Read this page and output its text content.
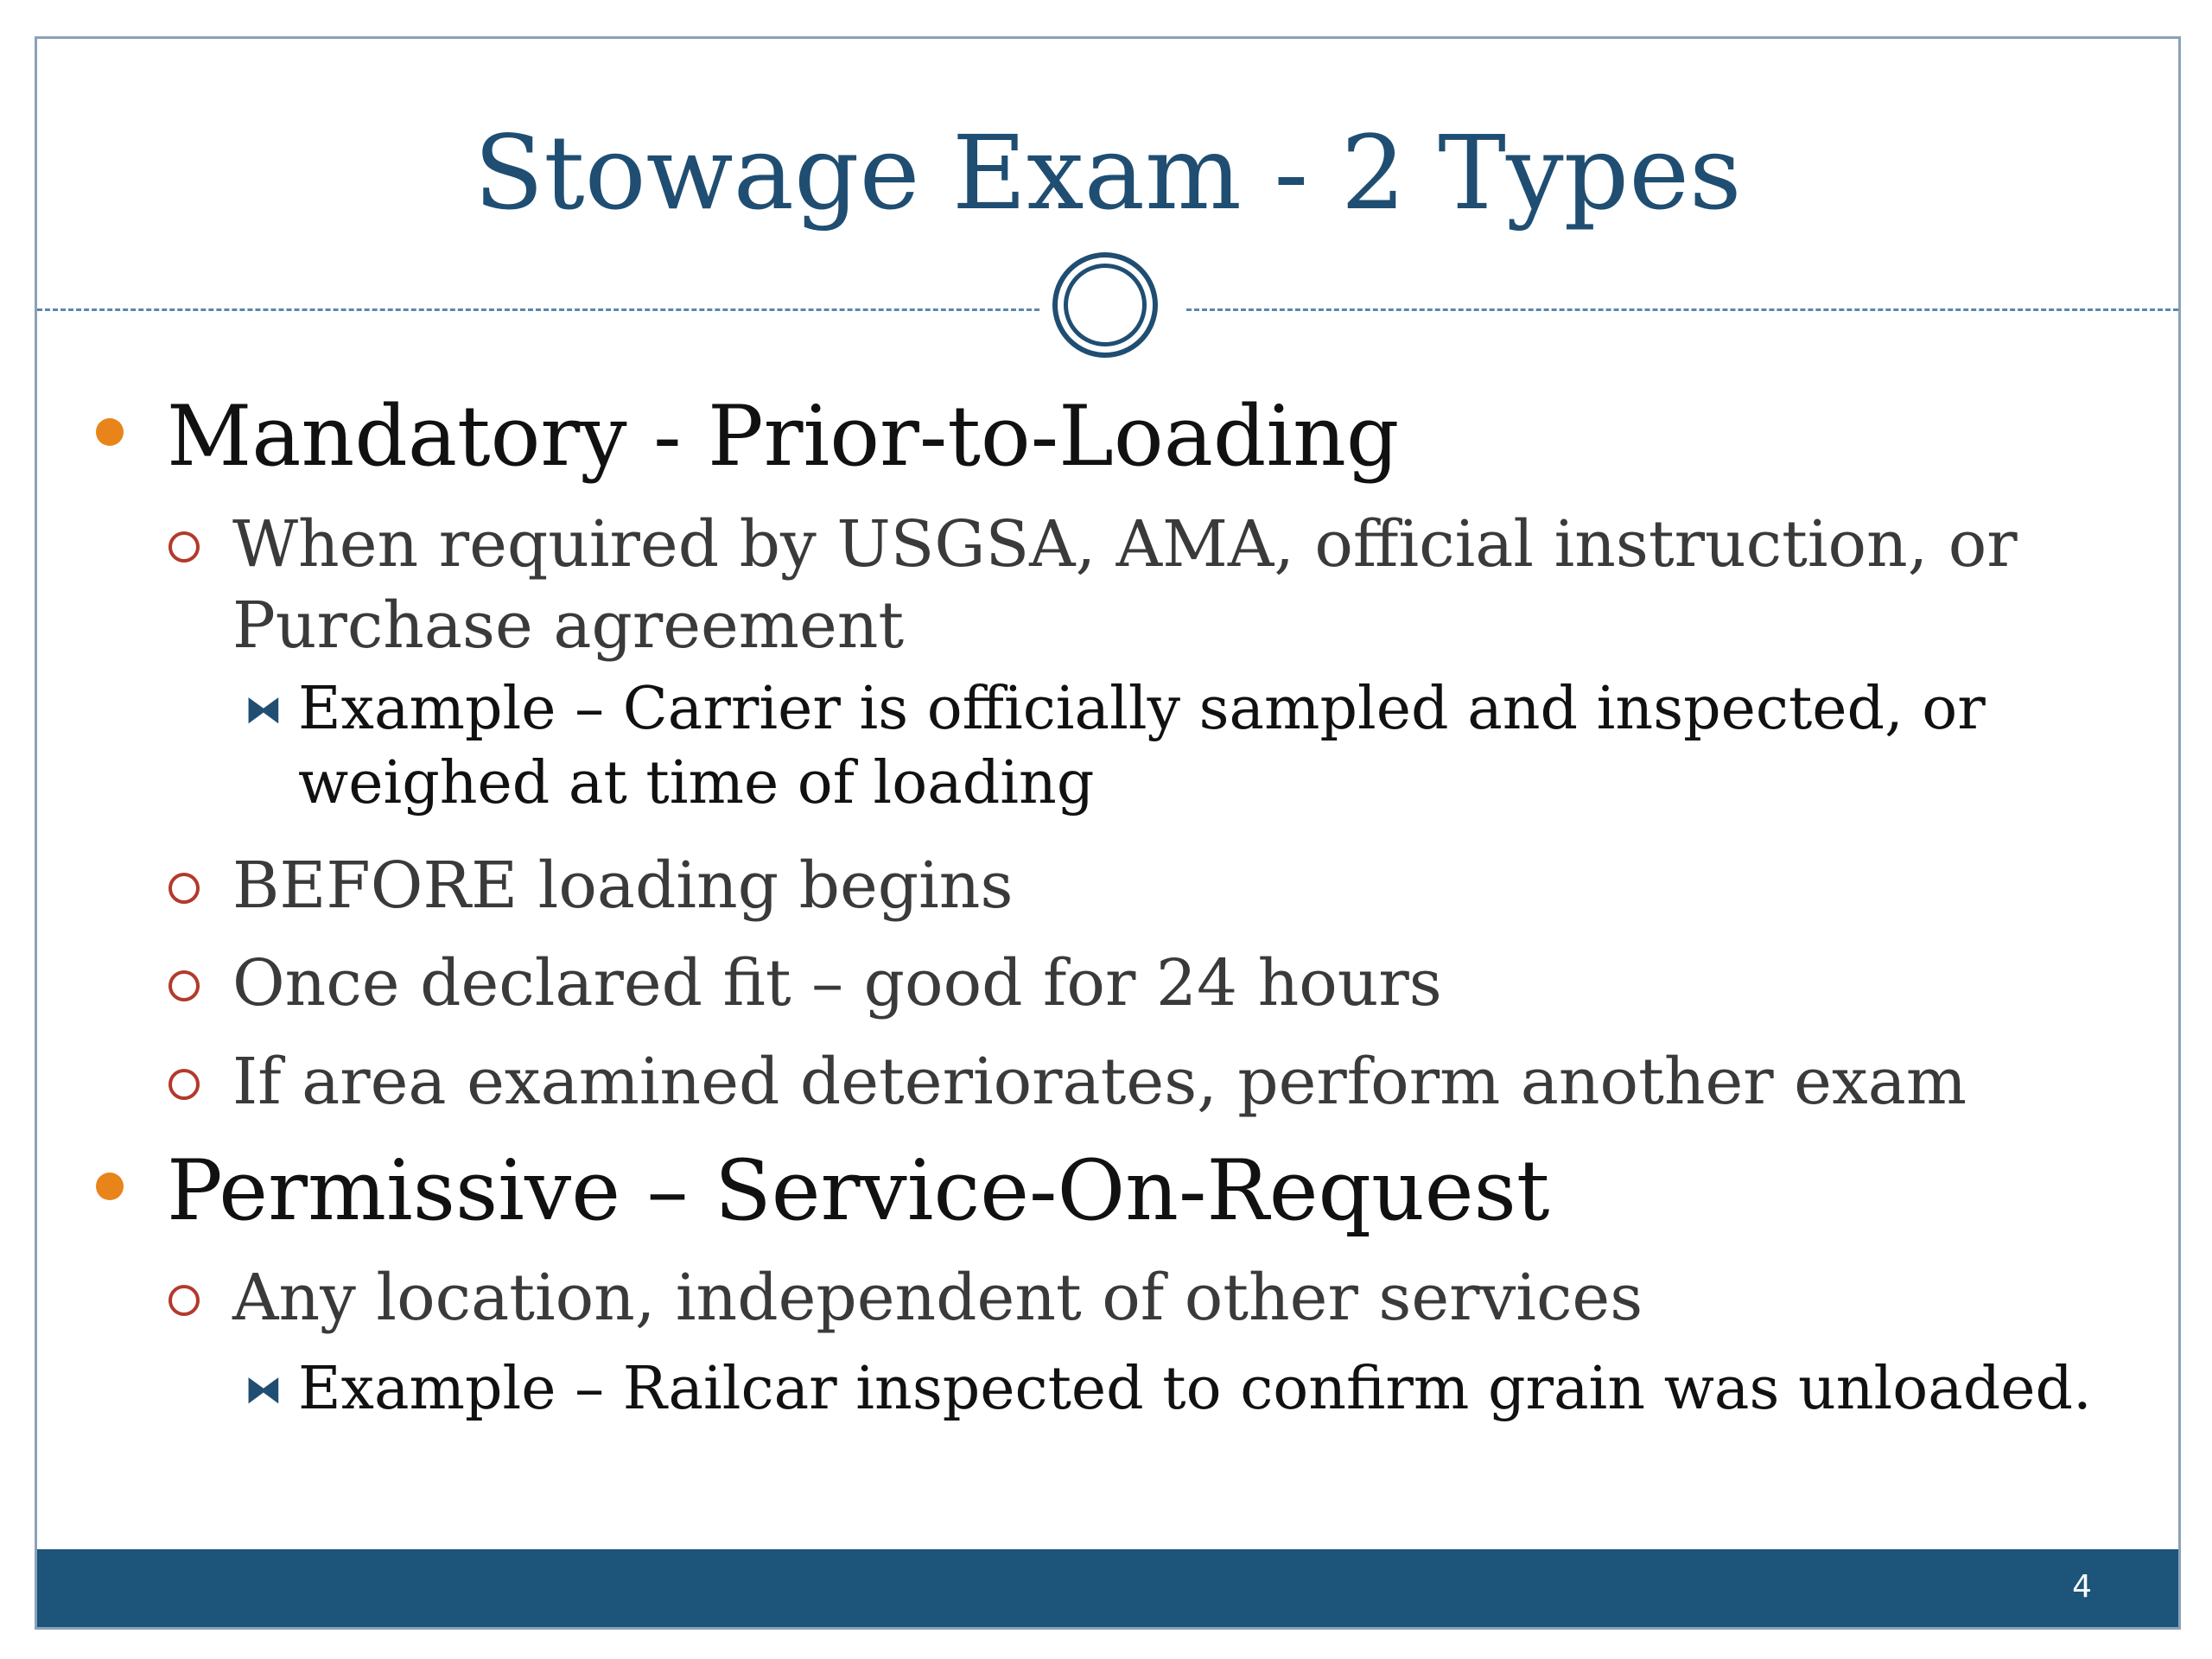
Stowage Exam - 2 Types
Mandatory - Prior-to-Loading
When required by USGSA, AMA, official instruction, or Purchase agreement
⧓ Example – Carrier is officially sampled and inspected, or weighed at time of loading
BEFORE loading begins
Once declared fit – good for 24 hours
If area examined deteriorates, perform another exam
Permissive – Service-On-Request
Any location, independent of other services
⧓ Example – Railcar inspected to confirm grain was unloaded.
4
